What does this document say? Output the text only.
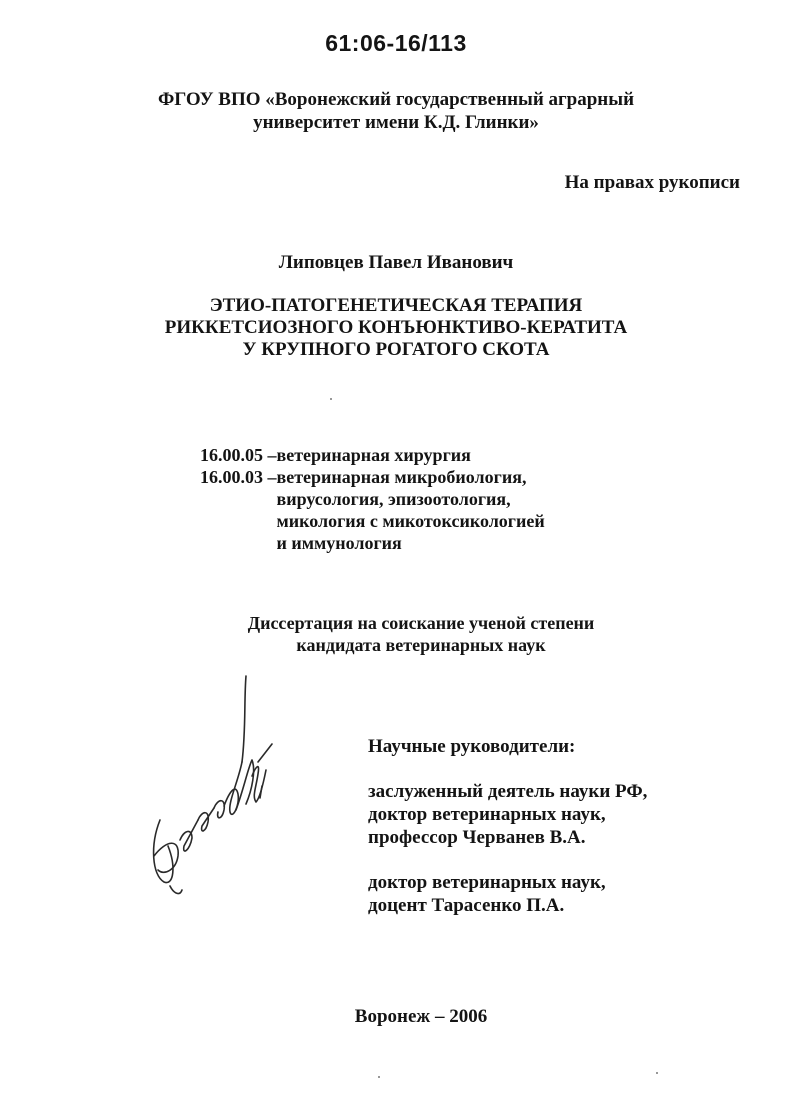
61:06-16/113
ФГОУ ВПО «Воронежский государственный аграрный
университет имени К.Д. Глинки»
На правах рукописи
Липовцев Павел Иванович
ЭТИО-ПАТОГЕНЕТИЧЕСКАЯ ТЕРАПИЯ
РИККЕТСИОЗНОГО КОНЪЮНКТИВО-КЕРАТИТА
У КРУПНОГО РОГАТОГО СКОТА
16.00.05 – ветеринарная хирургия
16.00.03 – ветеринарная микробиология,
вирусология, эпизоотология,
микология с микотоксикологией
и иммунология
Диссертация на соискание ученой степени
кандидата ветеринарных наук
Научные руководители:
заслуженный деятель науки РФ,
доктор ветеринарных наук,
профессор Черванев В.А.
доктор ветеринарных наук,
доцент Тарасенко П.А.
Воронеж – 2006
